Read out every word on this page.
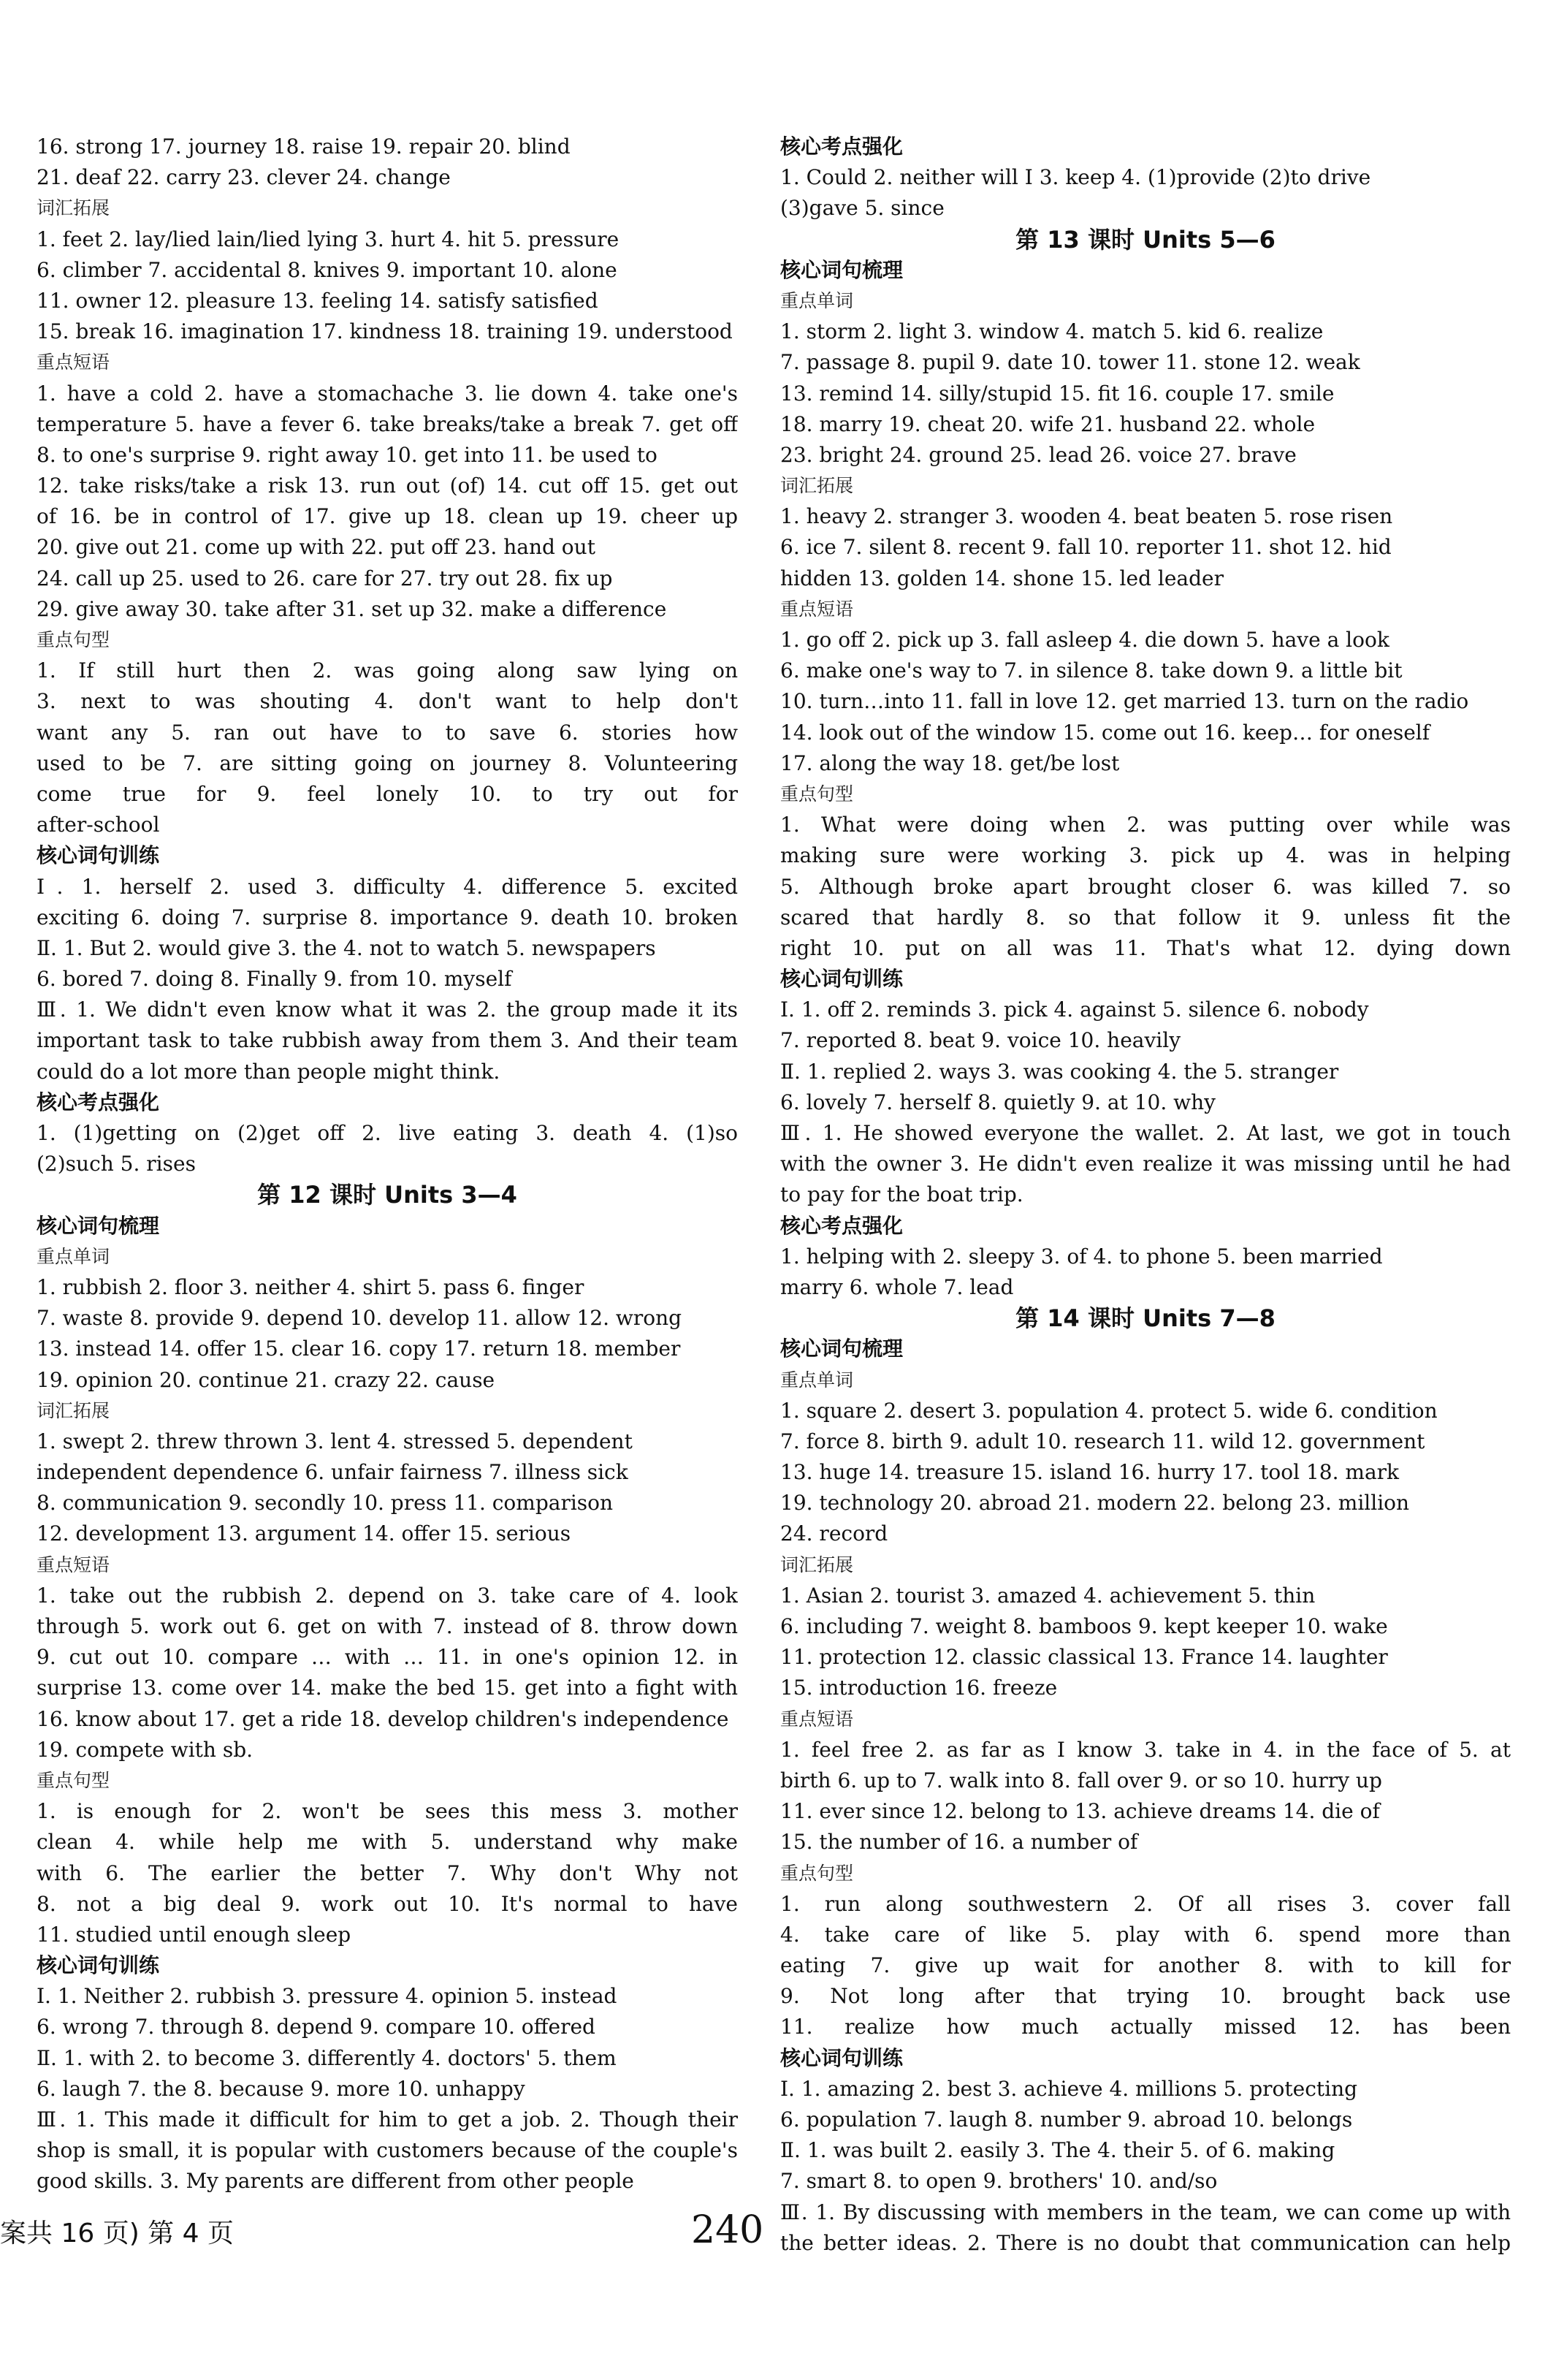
16. strong 17. journey 18. raise 19. repair 20. blind
21. deaf 22. carry 23. clever 24. change
词汇拓展
1. feet 2. lay/lied lain/lied lying 3. hurt 4. hit 5. pressure
6. climber 7. accidental 8. knives 9. important 10. alone
11. owner 12. pleasure 13. feeling 14. satisfy satisfied
15. break 16. imagination 17. kindness 18. training 19. understood
重点短语
1. have a cold 2. have a stomachache 3. lie down 4. take one's
temperature 5. have a fever 6. take breaks/take a break 7. get off
8. to one's surprise 9. right away 10. get into 11. be used to
12. take risks/take a risk 13. run out (of) 14. cut off 15. get out
of 16. be in control of 17. give up 18. clean up 19. cheer up
20. give out 21. come up with 22. put off 23. hand out
24. call up 25. used to 26. care for 27. try out 28. fix up
29. give away 30. take after 31. set up 32. make a difference
重点句型
1. If still hurt then 2. was going along saw lying on
3. next to was shouting 4. don't want to help don't
want any 5. ran out have to to save 6. stories how
used to be 7. are sitting going on journey 8. Volunteering
come true for 9. feel lonely 10. to try out for
after-school
核心词句训练
Ⅰ. 1. herself 2. used 3. difficulty 4. difference 5. excited
exciting 6. doing 7. surprise 8. importance 9. death 10. broken
Ⅱ. 1. But 2. would give 3. the 4. not to watch 5. newspapers
6. bored 7. doing 8. Finally 9. from 10. myself
Ⅲ. 1. We didn't even know what it was 2. the group made it its
important task to take rubbish away from them 3. And their team
could do a lot more than people might think.
核心考点强化
1. (1)getting on (2)get off 2. live eating 3. death 4. (1)so
(2)such 5. rises
第 12 课时 Units 3—4
核心词句梳理
重点单词
1. rubbish 2. floor 3. neither 4. shirt 5. pass 6. finger
7. waste 8. provide 9. depend 10. develop 11. allow 12. wrong
13. instead 14. offer 15. clear 16. copy 17. return 18. member
19. opinion 20. continue 21. crazy 22. cause
词汇拓展
1. swept 2. threw thrown 3. lent 4. stressed 5. dependent
independent dependence 6. unfair fairness 7. illness sick
8. communication 9. secondly 10. press 11. comparison
12. development 13. argument 14. offer 15. serious
重点短语
1. take out the rubbish 2. depend on 3. take care of 4. look
through 5. work out 6. get on with 7. instead of 8. throw down
9. cut out 10. compare … with … 11. in one's opinion 12. in
surprise 13. come over 14. make the bed 15. get into a fight with
16. know about 17. get a ride 18. develop children's independence
19. compete with sb.
重点句型
1. is enough for 2. won't be sees this mess 3. mother
clean 4. while help me with 5. understand why make
with 6. The earlier the better 7. Why don't Why not
8. not a big deal 9. work out 10. It's normal to have
11. studied until enough sleep
核心词句训练
Ⅰ. 1. Neither 2. rubbish 3. pressure 4. opinion 5. instead
6. wrong 7. through 8. depend 9. compare 10. offered
Ⅱ. 1. with 2. to become 3. differently 4. doctors' 5. them
6. laugh 7. the 8. because 9. more 10. unhappy
Ⅲ. 1. This made it difficult for him to get a job. 2. Though their
shop is small, it is popular with customers because of the couple's
good skills. 3. My parents are different from other people
核心考点强化
1. Could 2. neither will I 3. keep 4. (1)provide (2)to drive
(3)gave 5. since
第 13 课时 Units 5—6
核心词句梳理
重点单词
1. storm 2. light 3. window 4. match 5. kid 6. realize
7. passage 8. pupil 9. date 10. tower 11. stone 12. weak
13. remind 14. silly/stupid 15. fit 16. couple 17. smile
18. marry 19. cheat 20. wife 21. husband 22. whole
23. bright 24. ground 25. lead 26. voice 27. brave
词汇拓展
1. heavy 2. stranger 3. wooden 4. beat beaten 5. rose risen
6. ice 7. silent 8. recent 9. fall 10. reporter 11. shot 12. hid
hidden 13. golden 14. shone 15. led leader
重点短语
1. go off 2. pick up 3. fall asleep 4. die down 5. have a look
6. make one's way to 7. in silence 8. take down 9. a little bit
10. turn…into 11. fall in love 12. get married 13. turn on the radio
14. look out of the window 15. come out 16. keep… for oneself
17. along the way 18. get/be lost
重点句型
1. What were doing when 2. was putting over while was
making sure were working 3. pick up 4. was in helping
5. Although broke apart brought closer 6. was killed 7. so
scared that hardly 8. so that follow it 9. unless fit the
right 10. put on all was 11. That's what 12. dying down
核心词句训练
Ⅰ. 1. off 2. reminds 3. pick 4. against 5. silence 6. nobody
7. reported 8. beat 9. voice 10. heavily
Ⅱ. 1. replied 2. ways 3. was cooking 4. the 5. stranger
6. lovely 7. herself 8. quietly 9. at 10. why
Ⅲ. 1. He showed everyone the wallet. 2. At last, we got in touch
with the owner 3. He didn't even realize it was missing until he had
to pay for the boat trip.
核心考点强化
1. helping with 2. sleepy 3. of 4. to phone 5. been married
marry 6. whole 7. lead
第 14 课时 Units 7—8
核心词句梳理
重点单词
1. square 2. desert 3. population 4. protect 5. wide 6. condition
7. force 8. birth 9. adult 10. research 11. wild 12. government
13. huge 14. treasure 15. island 16. hurry 17. tool 18. mark
19. technology 20. abroad 21. modern 22. belong 23. million
24. record
词汇拓展
1. Asian 2. tourist 3. amazed 4. achievement 5. thin
6. including 7. weight 8. bamboos 9. kept keeper 10. wake
11. protection 12. classic classical 13. France 14. laughter
15. introduction 16. freeze
重点短语
1. feel free 2. as far as I know 3. take in 4. in the face of 5. at
birth 6. up to 7. walk into 8. fall over 9. or so 10. hurry up
11. ever since 12. belong to 13. achieve dreams 14. die of
15. the number of 16. a number of
重点句型
1. run along southwestern 2. Of all rises 3. cover fall
4. take care of like 5. play with 6. spend more than
eating 7. give up wait for another 8. with to kill for
9. Not long after that trying 10. brought back use
11. realize how much actually missed 12. has been
核心词句训练
Ⅰ. 1. amazing 2. best 3. achieve 4. millions 5. protecting
6. population 7. laugh 8. number 9. abroad 10. belongs
Ⅱ. 1. was built 2. easily 3. The 4. their 5. of 6. making
7. smart 8. to open 9. brothers' 10. and/so
Ⅲ. 1. By discussing with members in the team, we can come up with
the better ideas. 2. There is no doubt that communication can help
案共 16 页) 第 4 页	240
